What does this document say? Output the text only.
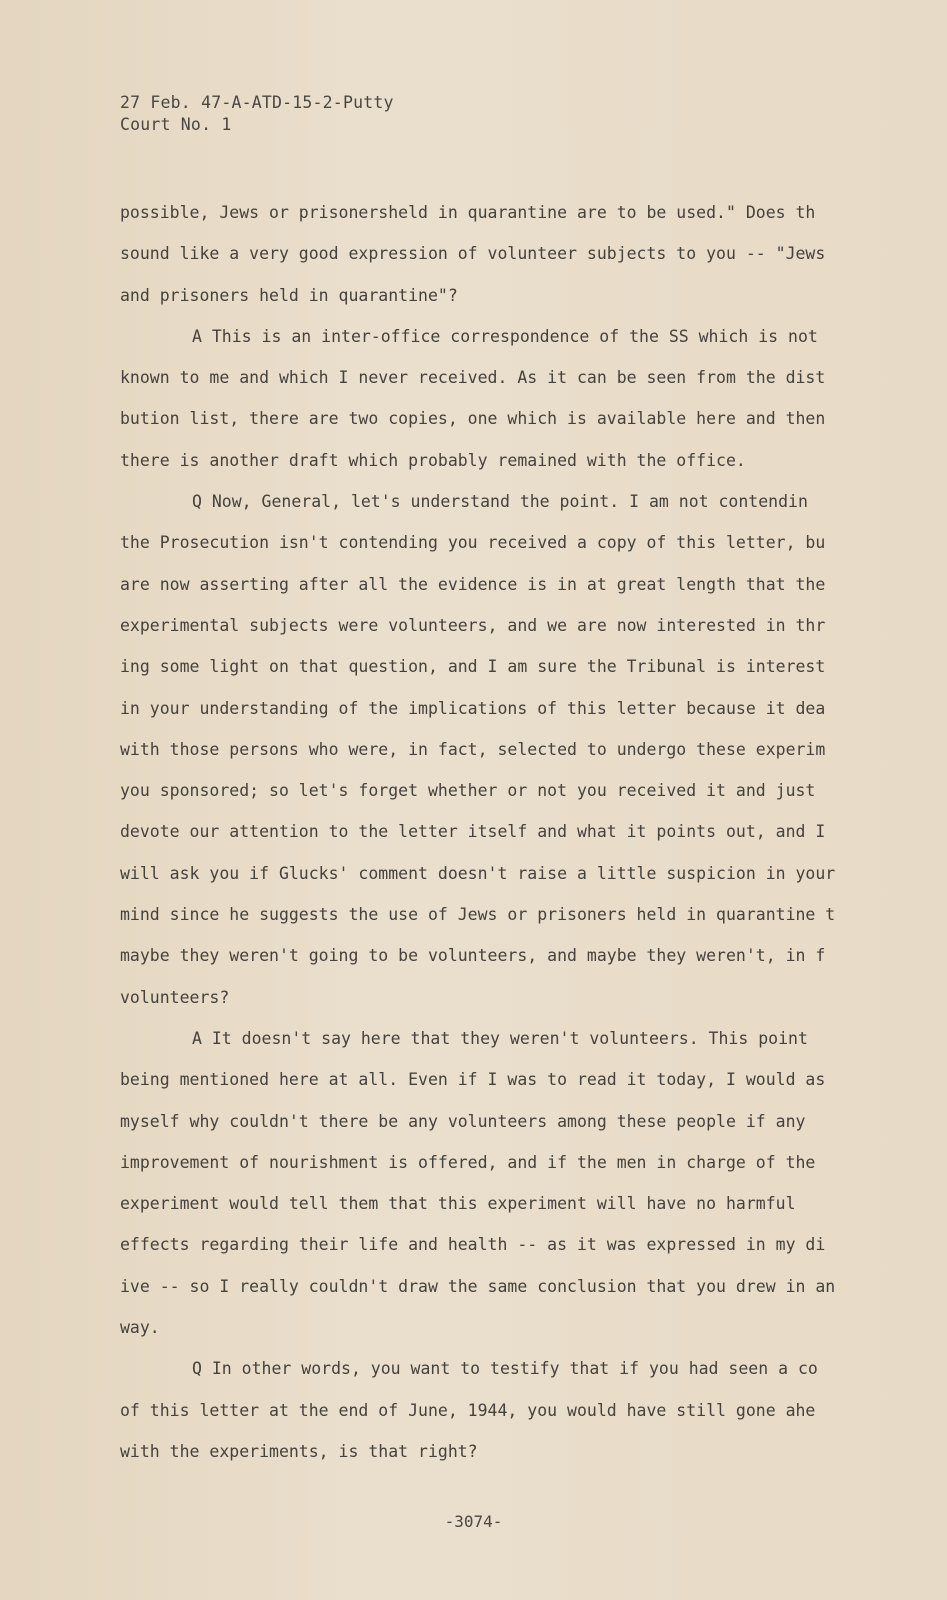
27 Feb. 47-A-ATD-15-2-Putty
Court No. 1
possible, Jews or prisonersheld in quarantine are to be used." Does th
sound like a very good expression of volunteer subjects to you -- "Jews
and prisoners held in quarantine"?
A This is an inter-office correspondence of the SS which is not
known to me and which I never received. As it can be seen from the dist
bution list, there are two copies, one which is available here and then
there is another draft which probably remained with the office.
Q Now, General, let's understand the point. I am not contendin
the Prosecution isn't contending you received a copy of this letter, bu
are now asserting after all the evidence is in at great length that the
experimental subjects were volunteers, and we are now interested in thr
ing some light on that question, and I am sure the Tribunal is interest
in your understanding of the implications of this letter because it dea
with those persons who were, in fact, selected to undergo these experim
you sponsored; so let's forget whether or not you received it and just
devote our attention to the letter itself and what it points out, and I
will ask you if Glucks' comment doesn't raise a little suspicion in your
mind since he suggests the use of Jews or prisoners held in quarantine t
maybe they weren't going to be volunteers, and maybe they weren't, in f
volunteers?
A It doesn't say here that they weren't volunteers. This point
being mentioned here at all. Even if I was to read it today, I would as
myself why couldn't there be any volunteers among these people if any
improvement of nourishment is offered, and if the men in charge of the
experiment would tell them that this experiment will have no harmful
effects regarding their life and health -- as it was expressed in my di
ive -- so I really couldn't draw the same conclusion that you drew in an
way.
Q In other words, you want to testify that if you had seen a co
of this letter at the end of June, 1944, you would have still gone ahe
with the experiments, is that right?
-3074-
